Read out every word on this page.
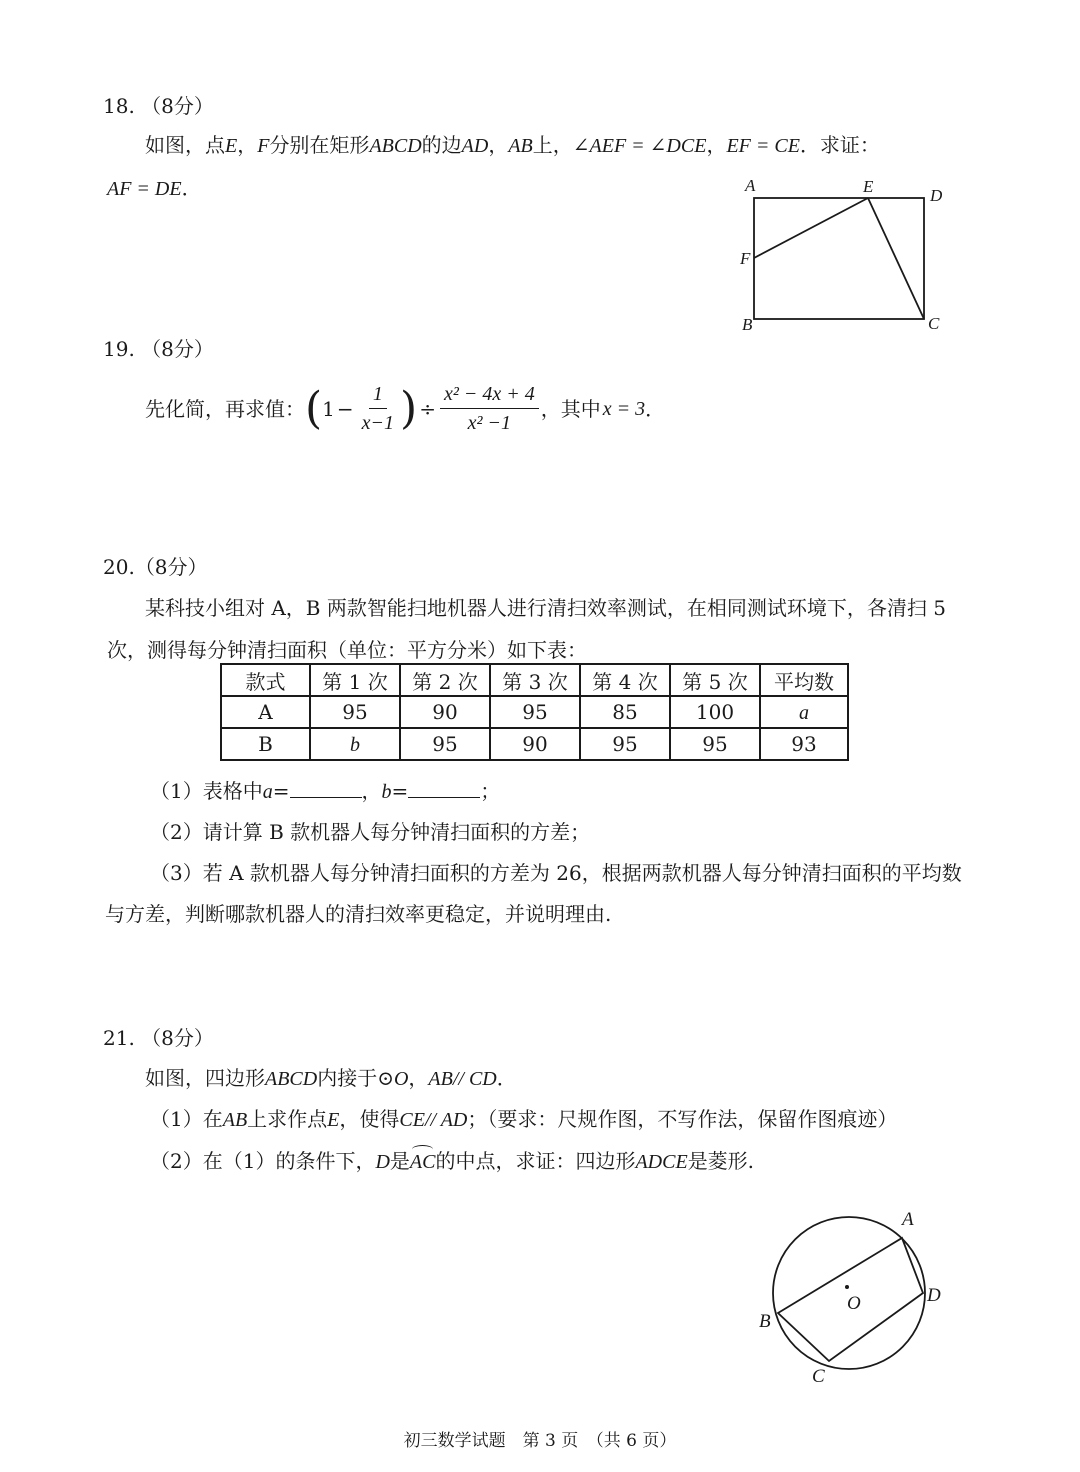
18. （8分）
如图，点E，F分别在矩形ABCD的边AD，AB上，∠AEF = ∠DCE，EF = CE．求证：
AF = DE．	A	E	D
F
B	C
19. （8分）
先化简，再求值： ( $1 - \frac{1}{x-1}$ ) ÷ $\frac{\text{x² − 4x + 4}}{\text{x² −1}}$ ，其中 x = 3 ．
20.（8分）
某科技小组对 A，B 两款智能扫地机器人进行清扫效率测试，在相同测试环境下，各清扫 5
次，测得每分钟清扫面积（单位：平方分米）如下表：
款式	第 1 次	第 2 次	第 3 次	第 4 次	第 5 次	平均数
A	95	90	95	85	100	a
B	b	95	90	95	95	93
（1）表格中a=	，b=	；
（2）请计算 B 款机器人每分钟清扫面积的方差；
（3）若 A 款机器人每分钟清扫面积的方差为 26，根据两款机器人每分钟清扫面积的平均数
与方差，判断哪款机器人的清扫效率更稳定，并说明理由.
21. （8分）
如图，四边形ABCD内接于⊙O，AB// CD．
（1）在AB上求作点E，使得CE// AD；（要求：尺规作图，不写作法，保留作图痕迹）
（2）在（1）的条件下，D是AC的中点，求证：四边形ADCE是菱形.
A
B
C
D
O
初三数学试题　第 3 页　（共 6 页）
